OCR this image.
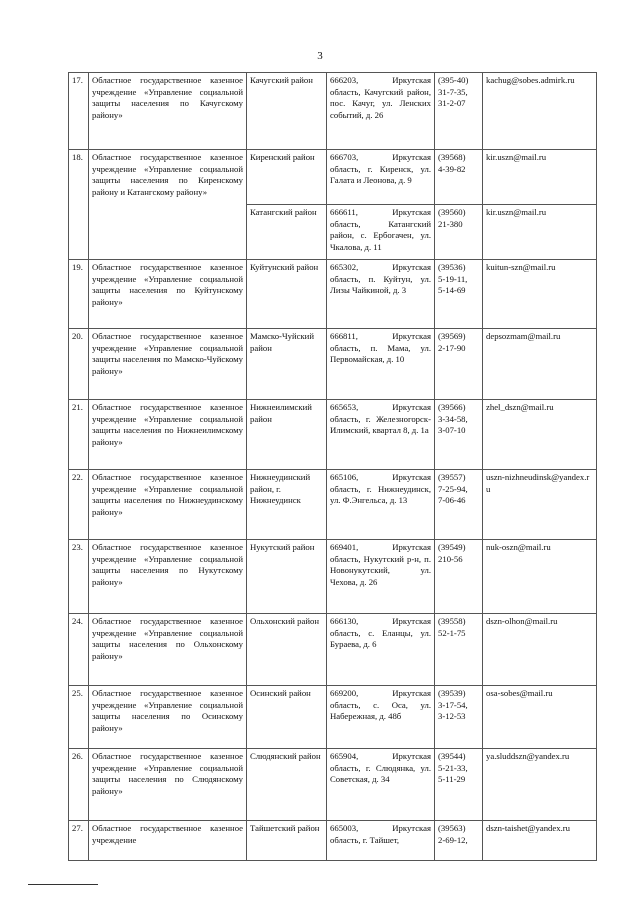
3
17.	Областное государственное казенное учреждение «Управление социальной защиты населения по Качугскому району»	Качугский район	666203, Иркутская область, Качугский район, пос. Качуг, ул. Ленских событий, д. 26	(395-40)
31-7-35,
31-2-07	kachug@sobes.admirk.ru
18.	Областное государственное казенное учреждение «Управление социальной защиты населения по Киренскому району и Катангскому району»	Киренский район	666703, Иркутская область, г. Киренск, ул. Галата и Леонова, д. 9	(39568)
4-39-82	kir.uszn@mail.ru
		Катангский район	666611, Иркутская область, Катангский район, с. Ербогачен, ул. Чкалова, д. 11	(39560)
21-380	kir.uszn@mail.ru
19.	Областное государственное казенное учреждение «Управление социальной защиты населения по Куйтунскому району»	Куйтунский район	665302, Иркутская область, п. Куйтун, ул. Лизы Чайкиной, д. 3	(39536)
5-19-11,
5-14-69	kuitun-szn@mail.ru
20.	Областное государственное казенное учреждение «Управление социальной защиты населения по Мамско-Чуйскому району»	Мамско-Чуйский район	666811, Иркутская область, п. Мама, ул. Первомайская, д. 10	(39569)
2-17-90	depsozmam@mail.ru
21.	Областное государственное казенное учреждение «Управление социальной защиты населения по Нижнеилимскому району»	Нижнеилимский район	665653, Иркутская область, г. Железногорск-Илимский, квартал 8, д. 1а	(39566)
3-34-58,
3-07-10	zhel_dszn@mail.ru
22.	Областное государственное казенное учреждение «Управление социальной защиты населения по Нижнеудинскому району»	Нижнеудинский район, г. Нижнеудинск	665106, Иркутская область, г. Нижнеудинск, ул. Ф.Энгельса, д. 13	(39557)
7-25-94,
7-06-46	uszn-nizhneudinsk@yandex.ru
23.	Областное государственное казенное учреждение «Управление социальной защиты населения по Нукутскому району»	Нукутский район	669401, Иркутская область, Нукутский р-н, п. Новонукутский, ул. Чехова, д. 26	(39549)
210-56	nuk-oszn@mail.ru
24.	Областное государственное казенное учреждение «Управление социальной защиты населения по Ольхонскому району»	Ольхонский район	666130, Иркутская область, с. Еланцы, ул. Бураева, д. 6	(39558)
52-1-75	dszn-olhon@mail.ru
25.	Областное государственное казенное учреждение «Управление социальной защиты населения по Осинскому району»	Осинский район	669200, Иркутская область, с. Оса, ул. Набережная, д. 48б	(39539)
3-17-54,
3-12-53	osa-sobes@mail.ru
26.	Областное государственное казенное учреждение «Управление социальной защиты населения по Слюдянскому району»	Слюдянский район	665904, Иркутская область, г. Слюдянка, ул. Советская, д. 34	(39544)
5-21-33,
5-11-29	ya.sluddszn@yandex.ru
27.	Областное государственное казенное учреждение	Тайшетский район	665003, Иркутская область, г. Тайшет,	(39563)
2-69-12,	dszn-taishet@yandex.ru
